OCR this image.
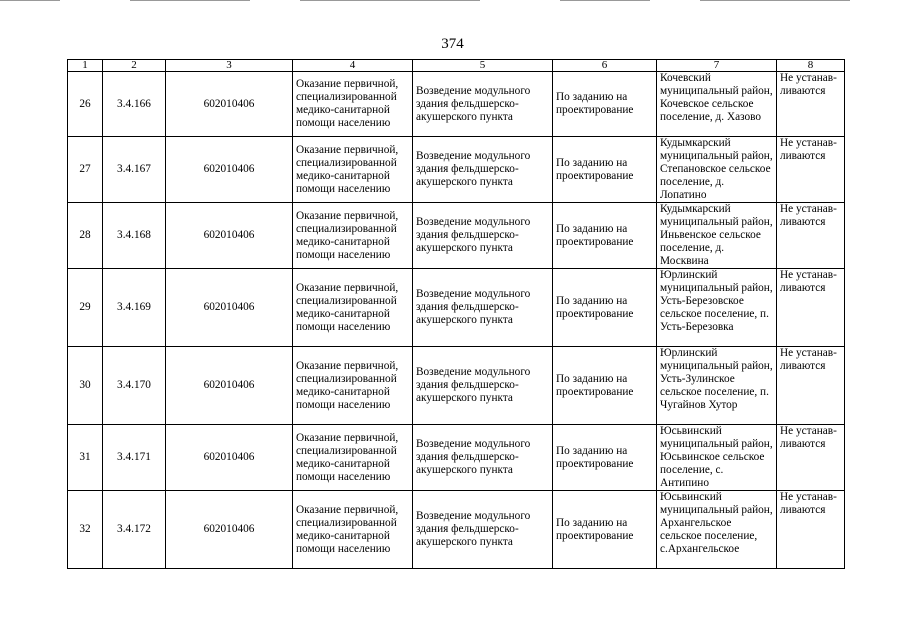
374
1	2	3	4	5	6	7	8
26	3.4.166	602010406	Оказание первичной, специализированной медико-санитарной помощи населению	Возведение модульного здания фельдшерско-акушерского пункта	По заданию на проектирование	Кочевский муниципальный район, Кочевское сельское поселение, д. Хазово	Не устанав-ливаются
27	3.4.167	602010406	Оказание первичной, специализированной медико-санитарной помощи населению	Возведение модульного здания фельдшерско-акушерского пункта	По заданию на проектирование	Кудымкарский муниципальный район, Степановское сельское поселение, д. Лопатино	Не устанав-ливаются
28	3.4.168	602010406	Оказание первичной, специализированной медико-санитарной помощи населению	Возведение модульного здания фельдшерско-акушерского пункта	По заданию на проектирование	Кудымкарский муниципальный район, Иньвенское сельское поселение, д. Москвина	Не устанав-ливаются
29	3.4.169	602010406	Оказание первичной, специализированной медико-санитарной помощи населению	Возведение модульного здания фельдшерско-акушерского пункта	По заданию на проектирование	Юрлинский муниципальный район, Усть-Березовское сельское поселение, п. Усть-Березовка	Не устанав-ливаются
30	3.4.170	602010406	Оказание первичной, специализированной медико-санитарной помощи населению	Возведение модульного здания фельдшерско-акушерского пункта	По заданию на проектирование	Юрлинский муниципальный район, Усть-Зулинское сельское поселение, п. Чугайнов Хутор	Не устанав-ливаются
31	3.4.171	602010406	Оказание первичной, специализированной медико-санитарной помощи населению	Возведение модульного здания фельдшерско-акушерского пункта	По заданию на проектирование	Юсьвинский муниципальный район, Юсьвинское сельское поселение, с. Антипино	Не устанав-ливаются
32	3.4.172	602010406	Оказание первичной, специализированной медико-санитарной помощи населению	Возведение модульного здания фельдшерско-акушерского пункта	По заданию на проектирование	Юсьвинский муниципальный район, Архангельское сельское поселение, с.Архангельское	Не устанав-ливаются
